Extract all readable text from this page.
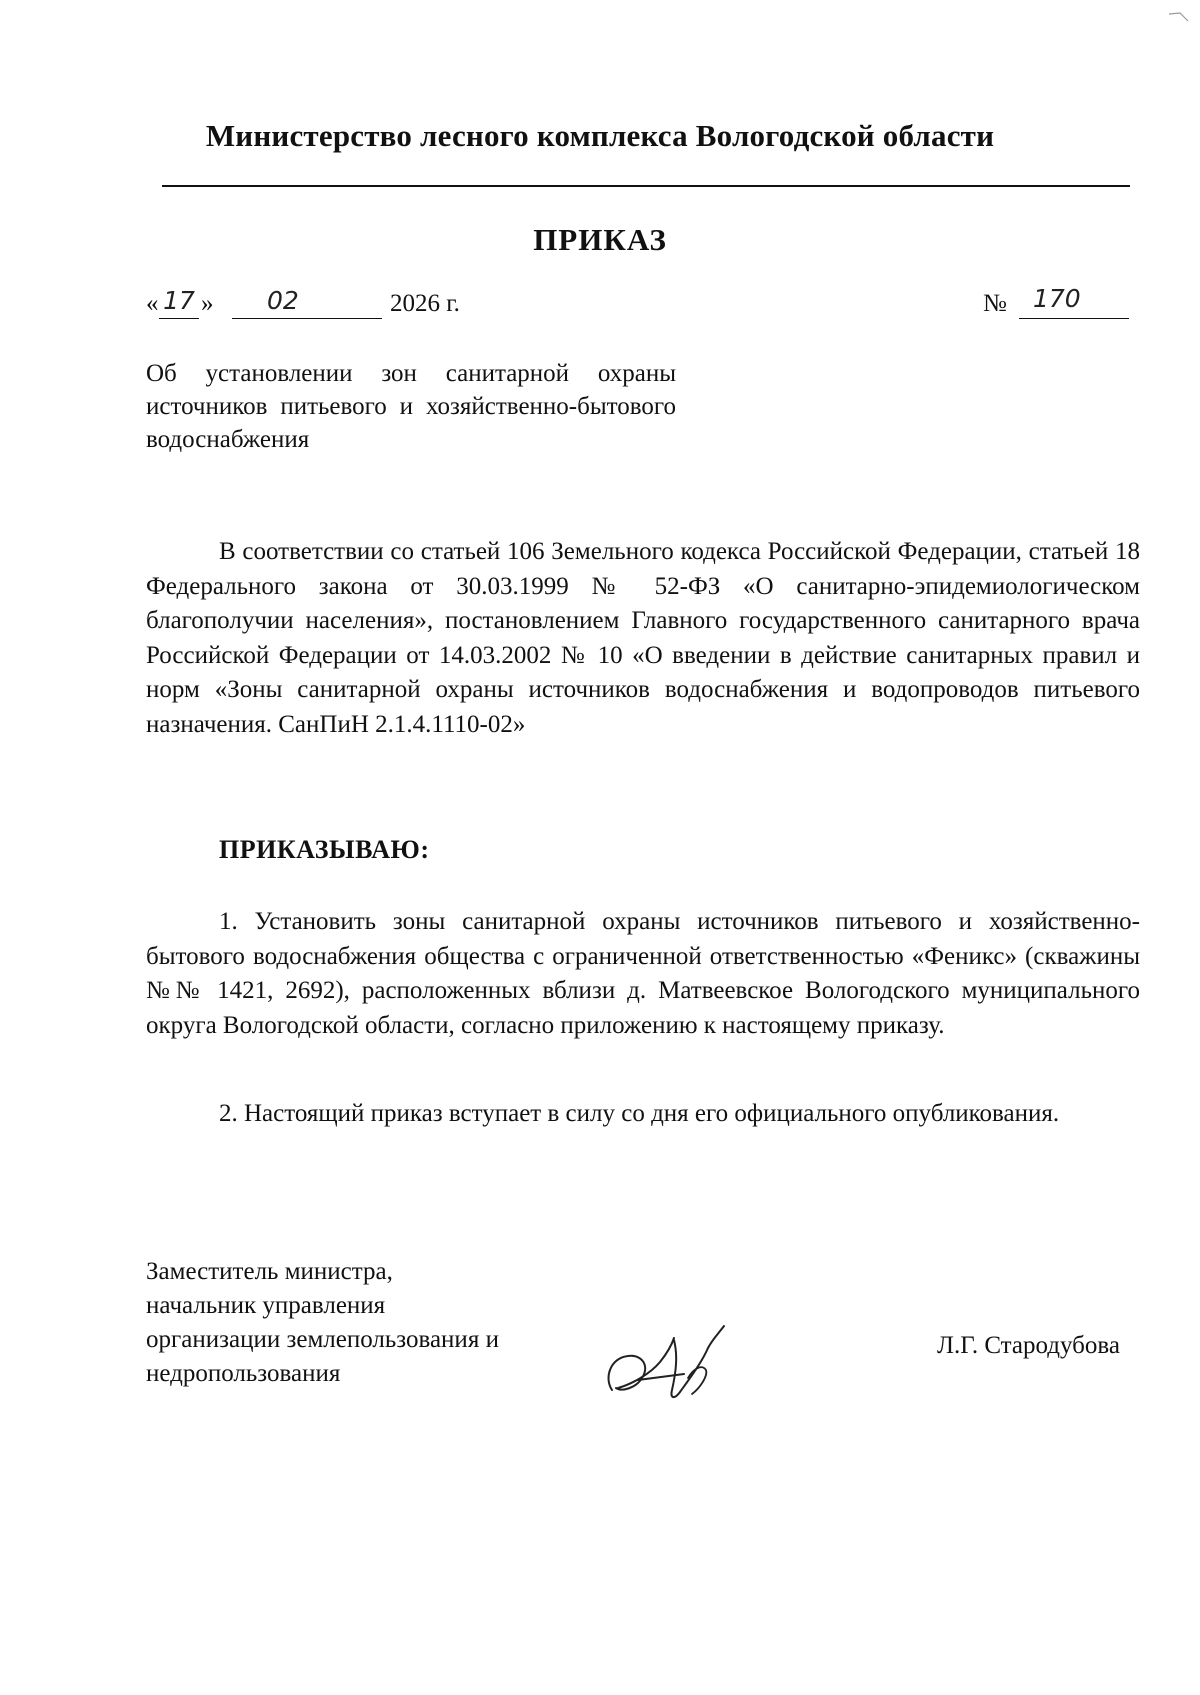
Министерство лесного комплекса Вологодской области
ПРИКАЗ
« 17 »	02	2026 г.	№	170
Об установлении зон санитарной охраны источников питьевого и хозяйственно-бытового водоснабжения
В соответствии со статьей 106 Земельного кодекса Российской Федерации, статьей 18 Федерального закона от 30.03.1999 № 52-ФЗ «О санитарно-эпидемиологическом благополучии населения», постановлением Главного государственного санитарного врача Российской Федерации от 14.03.2002 № 10 «О введении в действие санитарных правил и норм «Зоны санитарной охраны источников водоснабжения и водопроводов питьевого назначения. СанПиН 2.1.4.1110-02»
ПРИКАЗЫВАЮ:
1. Установить зоны санитарной охраны источников питьевого и хозяйственно-бытового водоснабжения общества с ограниченной ответственностью «Феникс» (скважины №№ 1421, 2692), расположенных вблизи д. Матвеевское Вологодского муниципального округа Вологодской области, согласно приложению к настоящему приказу.
2. Настоящий приказ вступает в силу со дня его официального опубликования.
Заместитель министра,
начальник управления
организации землепользования и
недропользования
Л.Г. Стародубова
